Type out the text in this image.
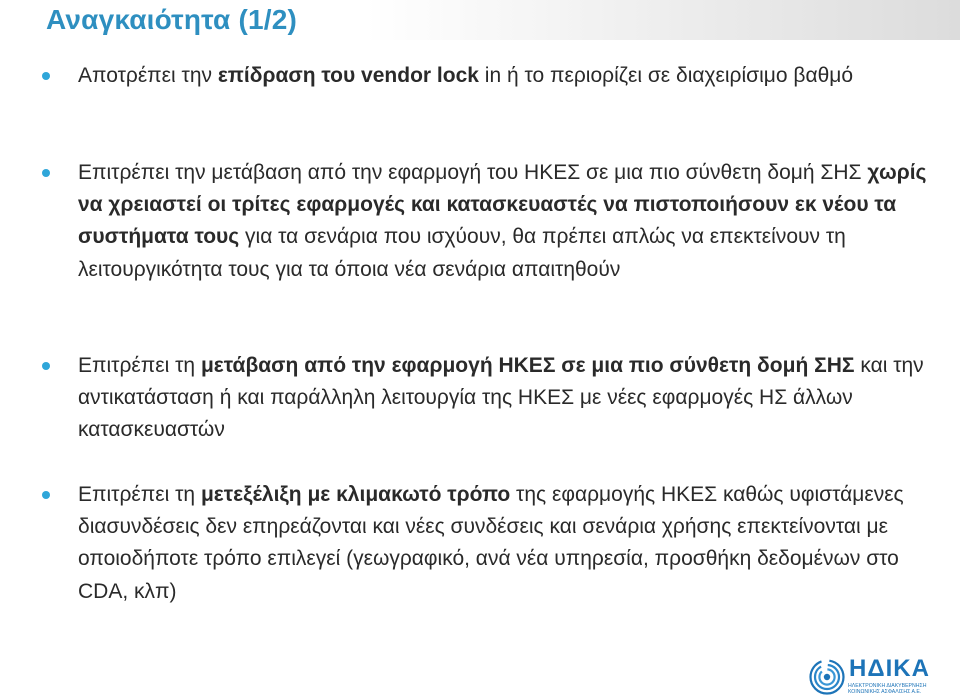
Αναγκαιότητα (1/2)

Αποτρέπει την επίδραση του vendor lock in ή το περιορίζει σε διαχειρίσιμο βαθμό

Επιτρέπει την μετάβαση από την εφαρμογή του ΗΚΕΣ σε μια πιο σύνθετη δομή ΣΗΣ χωρίς να χρειαστεί οι τρίτες εφαρμογές και κατασκευαστές να πιστοποιήσουν εκ νέου τα συστήματα τους για τα σενάρια που ισχύουν, θα πρέπει απλώς να επεκτείνουν τη λειτουργικότητα τους για τα όποια νέα σενάρια απαιτηθούν

Επιτρέπει τη μετάβαση από την εφαρμογή ΗΚΕΣ σε μια πιο σύνθετη δομή ΣΗΣ και την αντικατάσταση ή και παράλληλη λειτουργία της ΗΚΕΣ με νέες εφαρμογές ΗΣ άλλων κατασκευαστών

Επιτρέπει τη μετεξέλιξη με κλιμακωτό τρόπο της εφαρμογής ΗΚΕΣ καθώς υφιστάμενες διασυνδέσεις δεν επηρεάζονται και νέες συνδέσεις και σενάρια χρήσης επεκτείνονται με οποιοδήποτε τρόπο επιλεγεί (γεωγραφικό, ανά νέα υπηρεσία, προσθήκη δεδομένων στο CDA, κλπ)

ΗΔΙΚΑ
ΗΛΕΚΤΡΟΝΙΚΗ ΔΙΑΚΥΒΕΡΝΗΣΗ
ΚΟΙΝΩΝΙΚΗΣ ΑΣΦΑΛΙΣΗΣ Α.Ε.
